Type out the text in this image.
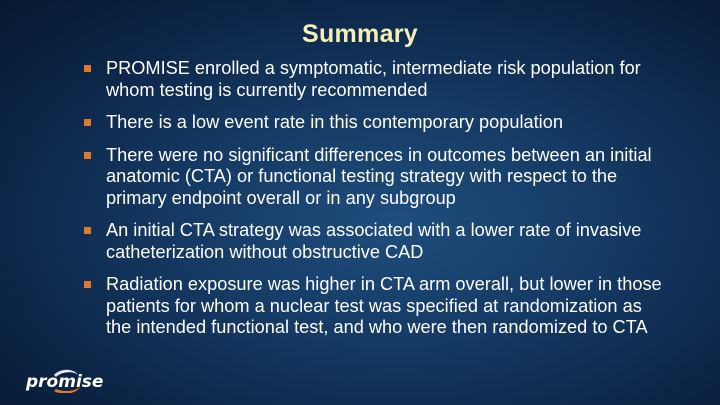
Summary
PROMISE enrolled a symptomatic, intermediate risk population for whom testing is currently recommended
There is a low event rate in this contemporary population
There were no significant differences in outcomes between an initial anatomic (CTA) or functional testing strategy with respect to the primary endpoint overall or in any subgroup
An initial CTA strategy was associated with a lower rate of invasive catheterization without obstructive CAD
Radiation exposure was higher in CTA arm overall, but lower in those patients for whom a nuclear test was specified at randomization as the intended functional test, and who were then randomized to CTA
promise
